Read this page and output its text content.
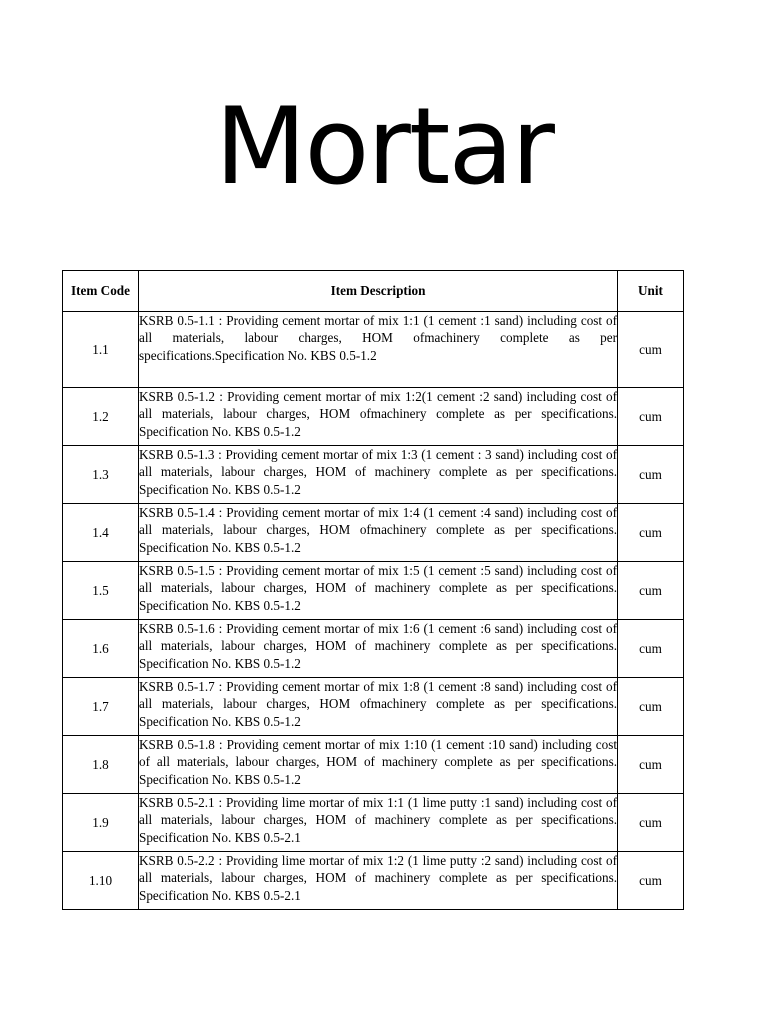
Mortar
Item Code	Item Description	Unit
1.1	KSRB 0.5-1.1 : Providing cement mortar of mix 1:1 (1 cement :1 sand) including cost of all materials, labour charges, HOM ofmachinery complete as per specifications.Specification No. KBS 0.5-1.2	cum
1.2	KSRB 0.5-1.2 : Providing cement mortar of mix 1:2(1 cement :2 sand) including cost of all materials, labour charges, HOM ofmachinery complete as per specifications. Specification No. KBS 0.5-1.2	cum
1.3	KSRB 0.5-1.3 : Providing cement mortar of mix 1:3 (1 cement : 3 sand) including cost of all materials, labour charges, HOM of machinery complete as per specifications. Specification No. KBS 0.5-1.2	cum
1.4	KSRB 0.5-1.4 : Providing cement mortar of mix 1:4 (1 cement :4 sand) including cost of all materials, labour charges, HOM ofmachinery complete as per specifications. Specification No. KBS 0.5-1.2	cum
1.5	KSRB 0.5-1.5 : Providing cement mortar of mix 1:5 (1 cement :5 sand) including cost of all materials, labour charges, HOM of machinery complete as per specifications. Specification No. KBS 0.5-1.2	cum
1.6	KSRB 0.5-1.6 : Providing cement mortar of mix 1:6 (1 cement :6 sand) including cost of all materials, labour charges, HOM of machinery complete as per specifications. Specification No. KBS 0.5-1.2	cum
1.7	KSRB 0.5-1.7 : Providing cement mortar of mix 1:8 (1 cement :8 sand) including cost of all materials, labour charges, HOM ofmachinery complete as per specifications. Specification No. KBS 0.5-1.2	cum
1.8	KSRB 0.5-1.8 : Providing cement mortar of mix 1:10 (1 cement :10 sand) including cost of all materials, labour charges, HOM of machinery complete as per specifications. Specification No. KBS 0.5-1.2	cum
1.9	KSRB 0.5-2.1 : Providing lime mortar of mix 1:1 (1 lime putty :1 sand) including cost of all materials, labour charges, HOM of machinery complete as per specifications. Specification No. KBS 0.5-2.1	cum
1.10	KSRB 0.5-2.2 : Providing lime mortar of mix 1:2 (1 lime putty :2 sand) including cost of all materials, labour charges, HOM of machinery complete as per specifications. Specification No. KBS 0.5-2.1	cum
